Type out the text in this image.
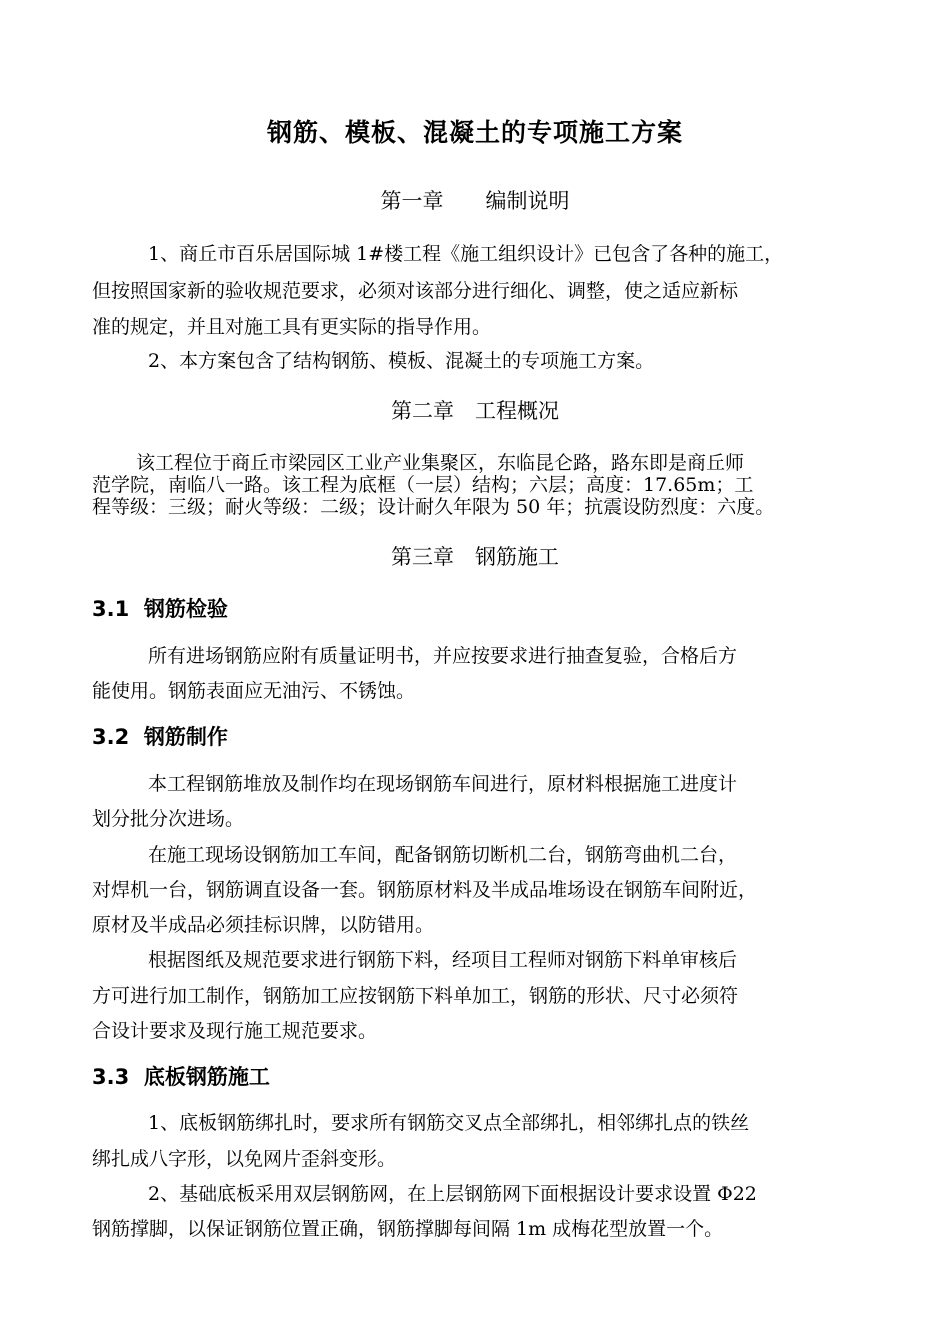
钢筋、模板、混凝土的专项施工方案
第一章　　编制说明
1、商丘市百乐居国际城 1#楼工程《施工组织设计》已包含了各种的施工，
但按照国家新的验收规范要求，必须对该部分进行细化、调整，使之适应新标
准的规定，并且对施工具有更实际的指导作用。
2、本方案包含了结构钢筋、模板、混凝土的专项施工方案。
第二章　工程概况
该工程位于商丘市梁园区工业产业集聚区，东临昆仑路，路东即是商丘师
范学院，南临八一路。该工程为底框（一层）结构；六层；高度：17.65m；工
程等级：三级；耐火等级：二级；设计耐久年限为 50 年；抗震设防烈度：六度。
第三章　钢筋施工
3.1  钢筋检验
所有进场钢筋应附有质量证明书，并应按要求进行抽查复验，合格后方
能使用。钢筋表面应无油污、不锈蚀。
3.2  钢筋制作
本工程钢筋堆放及制作均在现场钢筋车间进行，原材料根据施工进度计
划分批分次进场。
在施工现场设钢筋加工车间，配备钢筋切断机二台，钢筋弯曲机二台，
对焊机一台，钢筋调直设备一套。钢筋原材料及半成品堆场设在钢筋车间附近，
原材及半成品必须挂标识牌，以防错用。
根据图纸及规范要求进行钢筋下料，经项目工程师对钢筋下料单审核后
方可进行加工制作，钢筋加工应按钢筋下料单加工，钢筋的形状、尺寸必须符
合设计要求及现行施工规范要求。
3.3  底板钢筋施工
1、底板钢筋绑扎时，要求所有钢筋交叉点全部绑扎，相邻绑扎点的铁丝
绑扎成八字形，以免网片歪斜变形。
2、基础底板采用双层钢筋网，在上层钢筋网下面根据设计要求设置 Φ22
钢筋撑脚，以保证钢筋位置正确，钢筋撑脚每间隔 1m 成梅花型放置一个。
